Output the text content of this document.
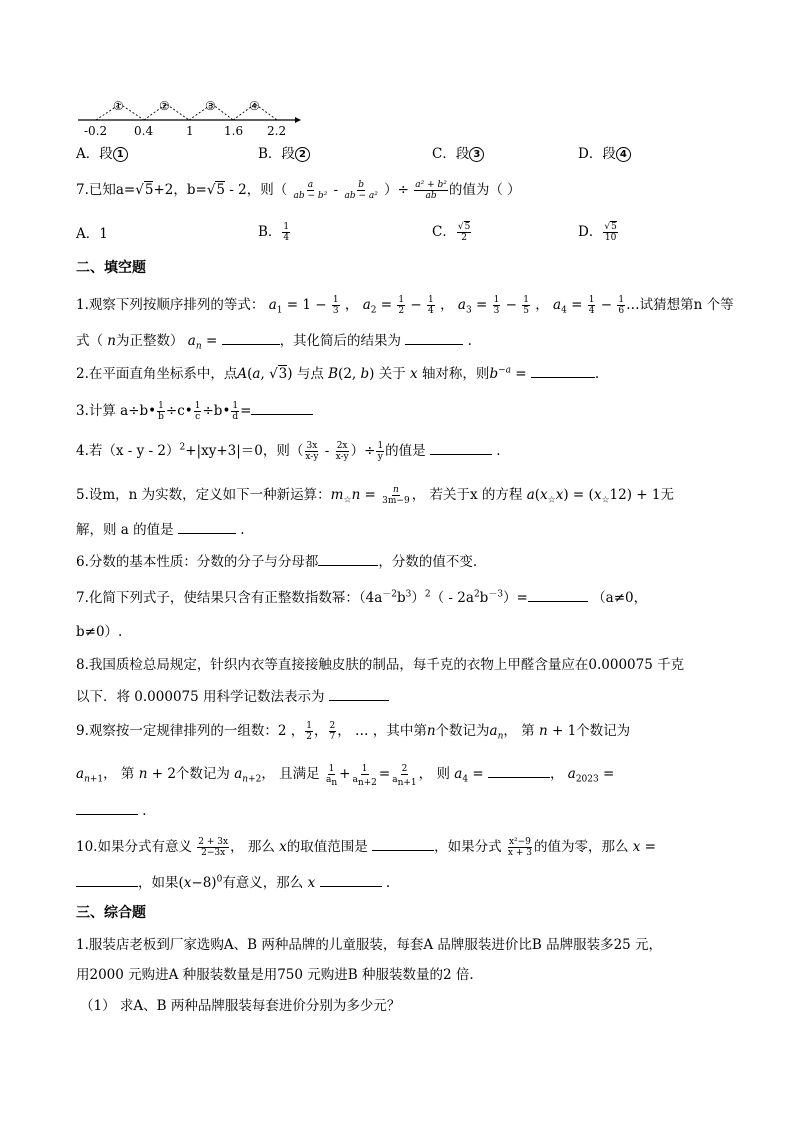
①	②	③	④
-0.2 0.4	1	1.6 2.2
A．段 1	B．段 2	C．段 3	D．段 4
7.已知a=√5+2，b=√5 - 2，则（ $\frac{a}{\text{ab − b²}} - \frac{b}{\text{ab − a²}}$ ）÷ $\frac{\text{a² + b²}}{ab}$ 的值为（ ）
A．1	B． $\frac{1}{4}$	C． $\frac{√5}{2}$	D． $\frac{√5}{10}$
二、填空题
1.观察下列按顺序排列的等式： $a_1 = 1 - \frac{1}{3}$ ， $a_2 = \frac{1}{2} - \frac{1}{4}$ ， $a_3 = \frac{1}{3} - \frac{1}{5}$ ， $a_4 = \frac{1}{4} - \frac{1}{6}$ …试猜想第n 个等
式（ n为正整数） $a_n$ =	，其化简后的结果为	.
2.在平面直角坐标系中，点A(a, √3) 与点 B(2, b) 关于 x 轴对称，则$b^{-a}$ =	.
3.计算 a÷b• $\frac{1}{b}$ ÷c• $\frac{1}{c}$ ÷b• $\frac{1}{d}$ =
4.若（x - y - 2）$^2$+|xy+3|＝0，则（ $\frac{3x}{x-y} - \frac{2x}{x-y}$ ）÷ $\frac{1}{y}$ 的值是	.
5.设m，n 为实数，定义如下一种新运算：$m_☆n = \frac{n}{3m-9}$ ， 若关于x 的方程 $a(x_☆x) = (x_☆12) + 1$无
解，则 a 的值是	.
6.分数的基本性质：分数的分子与分母都	，分数的值不变.
7.化简下列式子，使结果只含有正整数指数幂：$(4a^{-2}b^3)^2( - 2a^2b^{-3})=$	（a≠0，
b≠0）.
8.我国质检总局规定，针织内衣等直接接触皮肤的制品，每千克的衣物上甲醛含量应在0.000075 千克
以下．将 0.000075 用科学记数法表示为
9.观察按一定规律排列的一组数：2 ， $\frac{1}{2}$ ， $\frac{2}{7}$ ， … ，其中第n个数记为$a_n$， 第 n + 1个数记为
$a_{n+1}$， 第 n + 2个数记为 $a_{n+2}$， 且满足 $\frac{1}{a_n} + \frac{1}{a_{n+2}} = \frac{2}{a_{n+1}}$ ， 则 $a_4$ =	， $a_{2023}$ =
.
10.如果分式有意义 $\frac{2 + 3x}{2-3x}$ ， 那么 x的取值范围是	，如果分式 $\frac{\text{x²−9}}{x + 3}$ 的值为零，那么 x =
，如果$(x-8)^0$有意义，那么 x	.
三、综合题
1.服装店老板到厂家选购A、B 两种品牌的儿童服装，每套A 品牌服装进价比B 品牌服装多25 元，
用2000 元购进A 种服装数量是用750 元购进B 种服装数量的2 倍.
（1） 求A、B 两种品牌服装每套进价分别为多少元？
